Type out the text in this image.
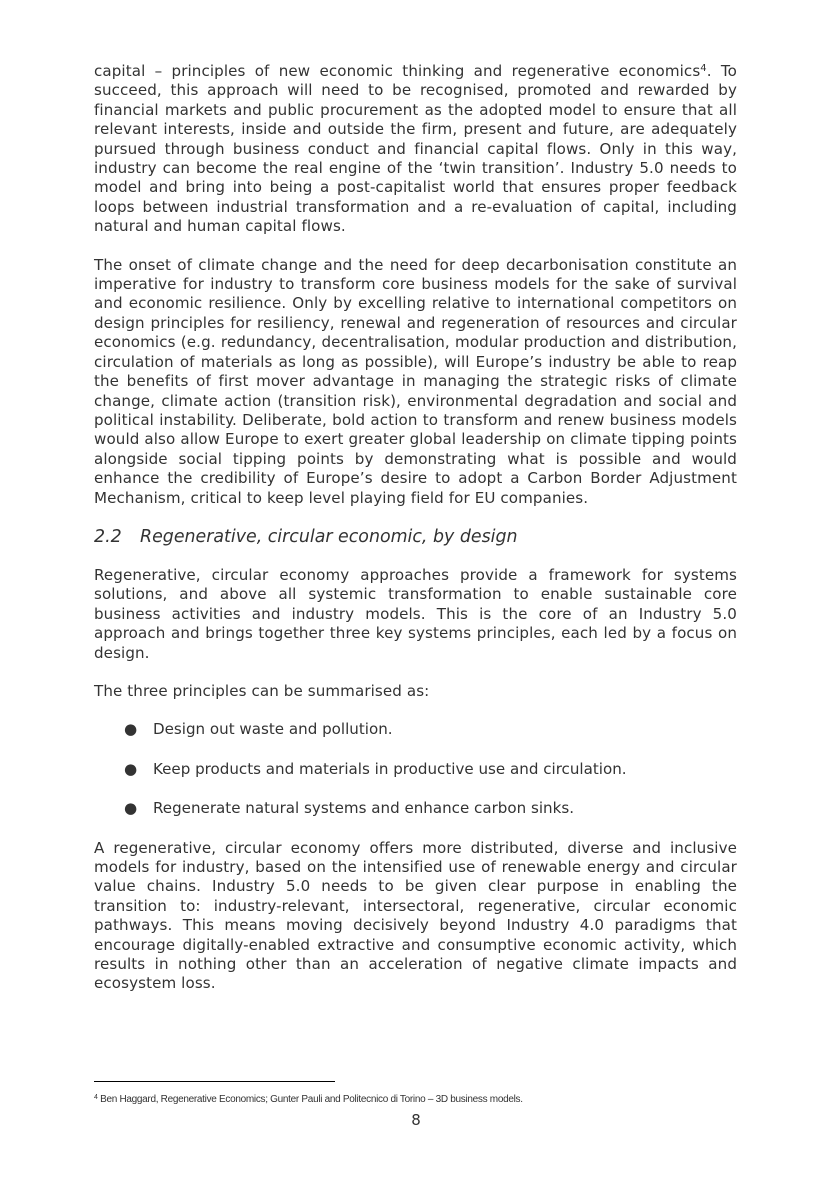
capital – principles of new economic thinking and regenerative economics$^4$. To succeed, this approach will need to be recognised, promoted and rewarded by financial markets and public procurement as the adopted model to ensure that all relevant interests, inside and outside the firm, present and future, are adequately pursued through business conduct and financial capital flows. Only in this way, industry can become the real engine of the ‘twin transition’. Industry 5.0 needs to model and bring into being a post-capitalist world that ensures proper feedback loops between industrial transformation and a re-evaluation of capital, including natural and human capital flows.

The onset of climate change and the need for deep decarbonisation constitute an imperative for industry to transform core business models for the sake of survival and economic resilience. Only by excelling relative to international competitors on design principles for resiliency, renewal and regeneration of resources and circular economics (e.g. redundancy, decentralisation, modular production and distribution, circulation of materials as long as possible), will Europe’s industry be able to reap the benefits of first mover advantage in managing the strategic risks of climate change, climate action (transition risk), environmental degradation and social and political instability. Deliberate, bold action to transform and renew business models would also allow Europe to exert greater global leadership on climate tipping points alongside social tipping points by demonstrating what is possible and would enhance the credibility of Europe’s desire to adopt a Carbon Border Adjustment Mechanism, critical to keep level playing field for EU companies.

2.2 Regenerative, circular economic, by design

Regenerative, circular economy approaches provide a framework for systems solutions, and above all systemic transformation to enable sustainable core business activities and industry models. This is the core of an Industry 5.0 approach and brings together three key systems principles, each led by a focus on design.

The three principles can be summarised as:

● Design out waste and pollution.
● Keep products and materials in productive use and circulation.
● Regenerate natural systems and enhance carbon sinks.

A regenerative, circular economy offers more distributed, diverse and inclusive models for industry, based on the intensified use of renewable energy and circular value chains. Industry 5.0 needs to be given clear purpose in enabling the transition to: industry-relevant, intersectoral, regenerative, circular economic pathways. This means moving decisively beyond Industry 4.0 paradigms that encourage digitally-enabled extractive and consumptive economic activity, which results in nothing other than an acceleration of negative climate impacts and ecosystem loss.

$^4$ Ben Haggard, Regenerative Economics; Gunter Pauli and Politecnico di Torino – 3D business models.
8
